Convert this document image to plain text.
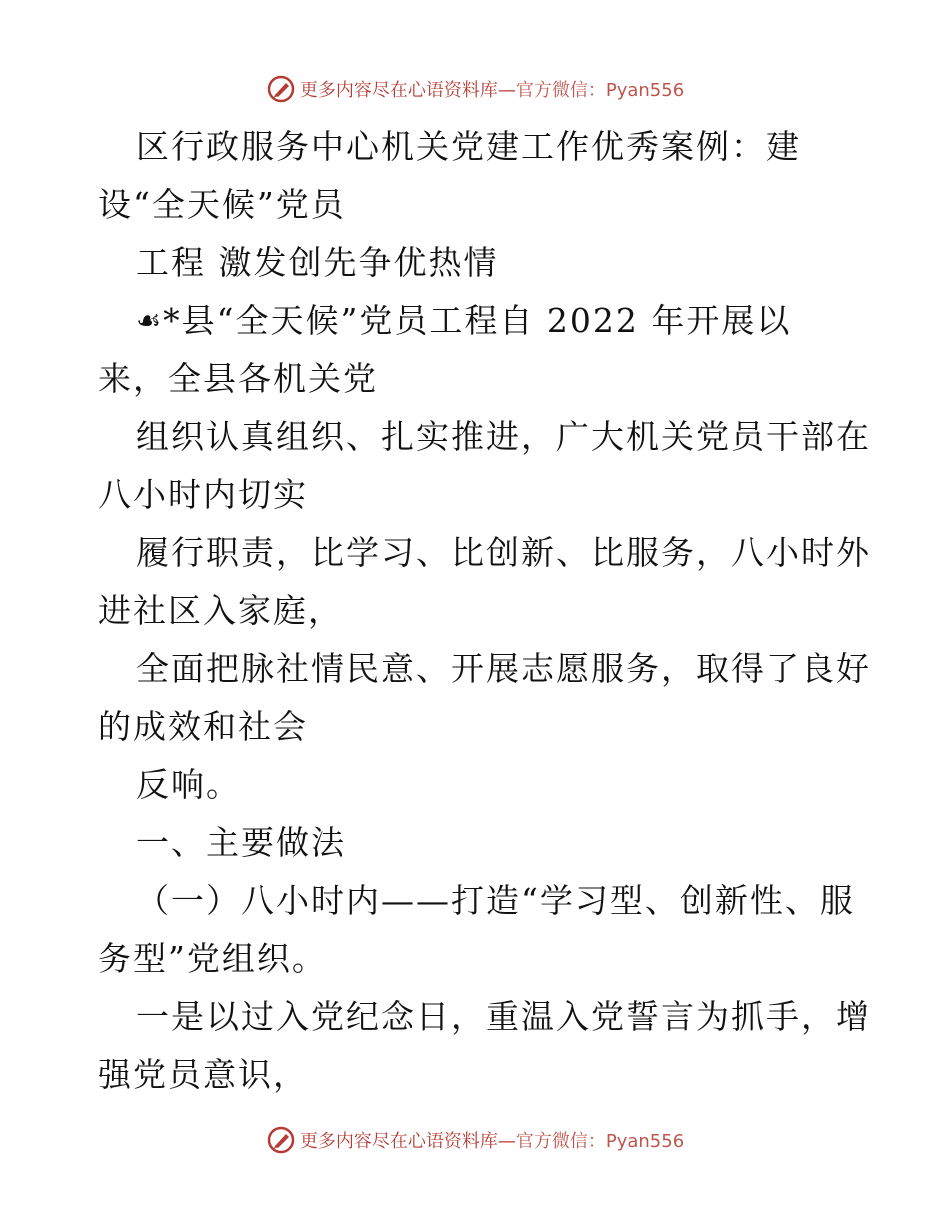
更多内容尽在心语资料库—官方微信：Pyan556
区行政服务中心机关党建工作优秀案例：建
设“全天候”党员
工程 激发创先争优热情
☙*县“全天候”党员工程自 2022 年开展以
来，全县各机关党
组织认真组织、扎实推进，广大机关党员干部在
八小时内切实
履行职责，比学习、比创新、比服务，八小时外
进社区入家庭，
全面把脉社情民意、开展志愿服务，取得了良好
的成效和社会
反响。
一、主要做法
（一）八小时内——打造“学习型、创新性、服
务型”党组织。
一是以过入党纪念日，重温入党誓言为抓手，增
强党员意识，
更多内容尽在心语资料库—官方微信：Pyan556
